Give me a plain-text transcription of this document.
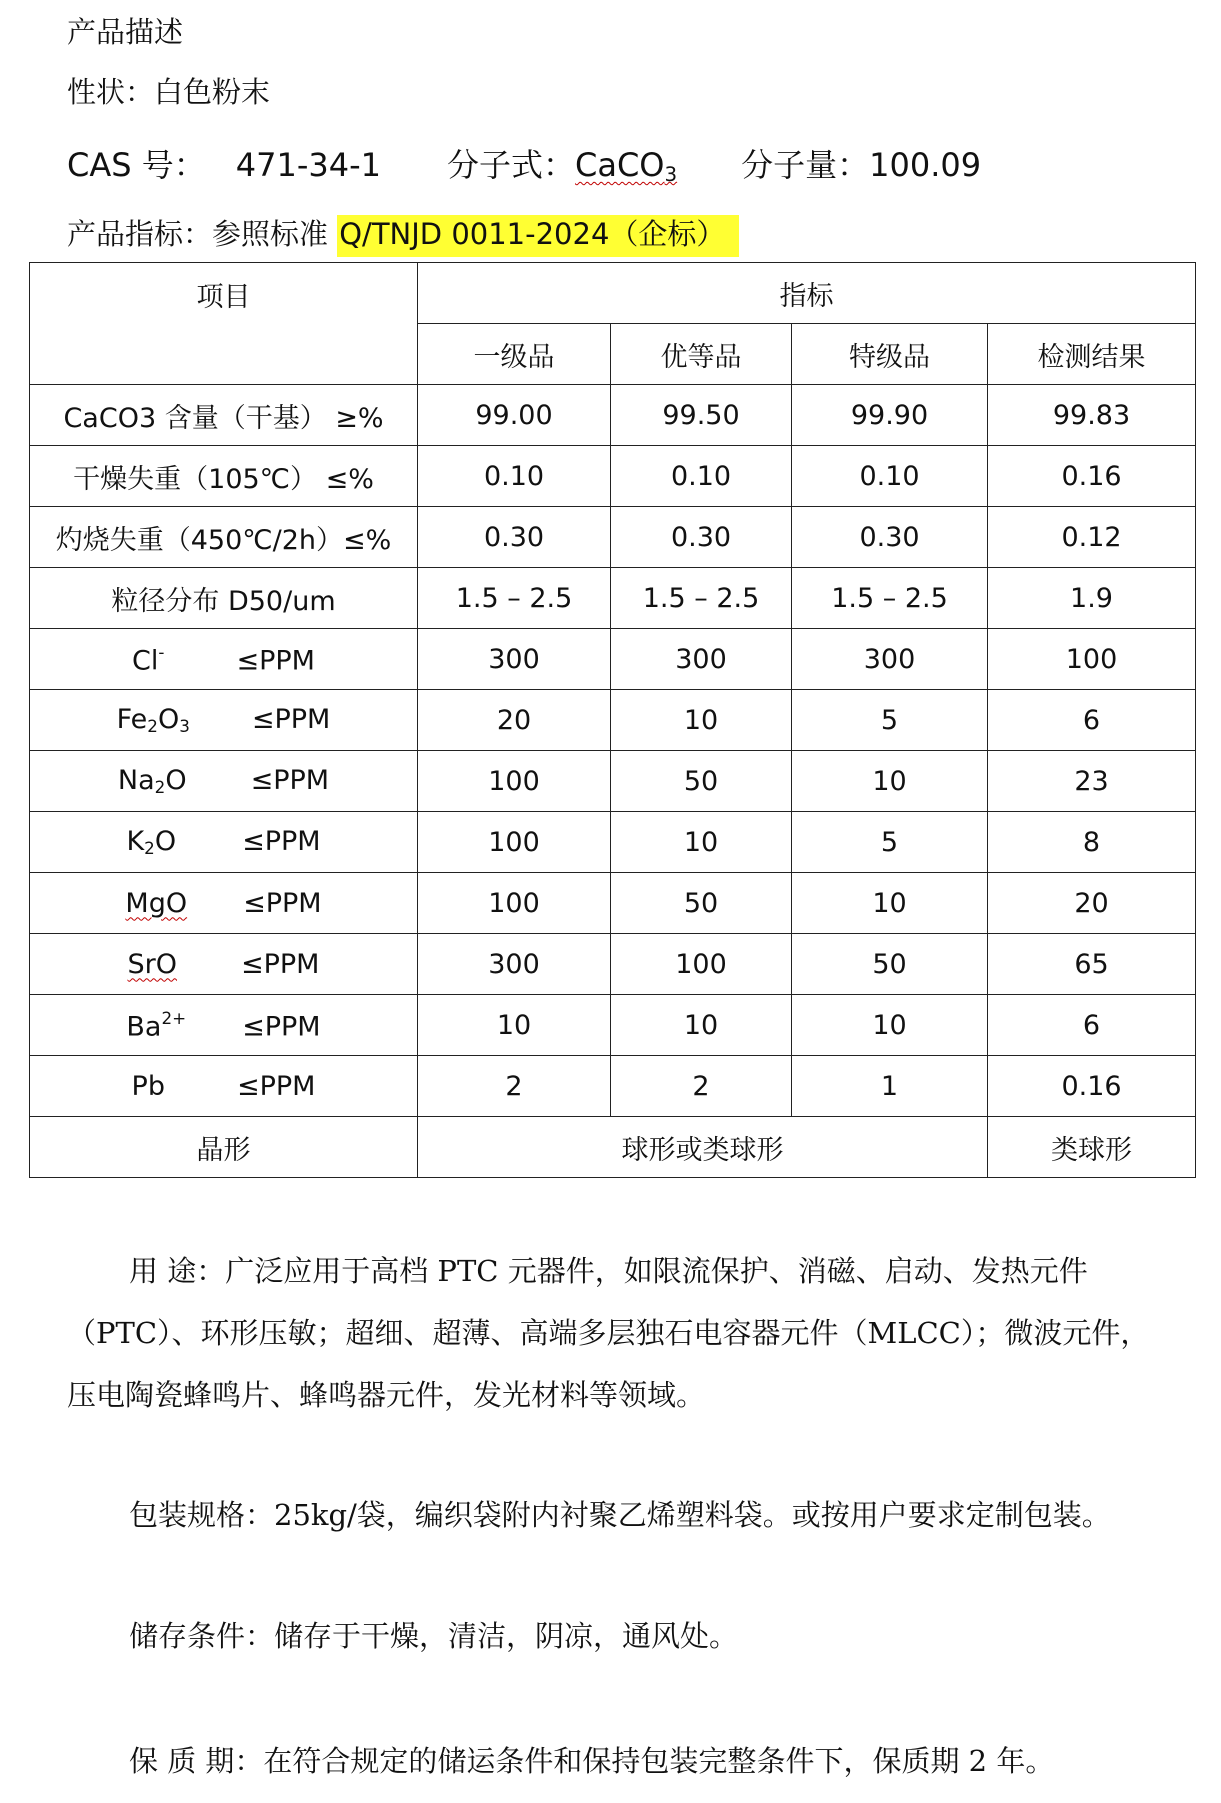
产品描述
性状：白色粉末
CAS 号： 471-34-1 分子式：CaCO$_3$ 分子量：100.09
产品指标：参照标准 Q/TNJD 0011-2024（企标）
项目	指标			
	一级品	优等品	特级品	检测结果
CaCO3 含量（干基） ≥%	99.00	99.50	99.90	99.83
干燥失重（105℃） ≤%	0.10	0.10	0.10	0.16
灼烧失重（450℃/2h）≤%	0.30	0.30	0.30	0.12
粒径分布 D50/um	1.5 – 2.5	1.5 – 2.5	1.5 – 2.5	1.9
Cl- ≤PPM	300	300	300	100
$Fe_2O_3 \le PPM$	20	10	5	6
$Na_2O \le PPM$	100	50	10	23
$K_2O \le PPM$	100	10	5	8
MgO ≤PPM	100	50	10	20
SrO ≤PPM	300	100	50	65
$Ba^{2+} \le PPM$	10	10	10	6
Pb ≤PPM	2	2	1	0.16
晶形	球形或类球形			类球形

用 途：广泛应用于高档 PTC 元器件，如限流保护、消磁、启动、发热元件

（PTC）、环形压敏；超细、超薄、高端多层独石电容器元件（MLCC）；微波元件，

压电陶瓷蜂鸣片、蜂鸣器元件，发光材料等领域。

包装规格：25kg/袋，编织袋附内衬聚乙烯塑料袋。或按用户要求定制包装。

储存条件：储存于干燥，清洁，阴凉，通风处。

保 质 期：在符合规定的储运条件和保持包装完整条件下，保质期 2 年。
